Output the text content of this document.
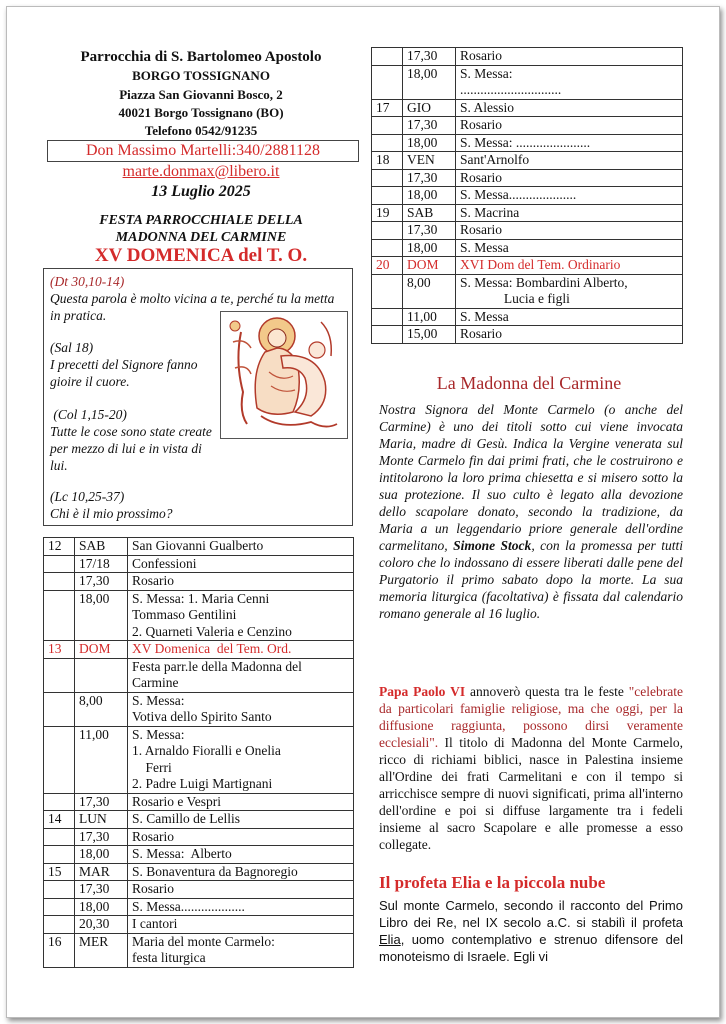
Parrocchia di S. Bartolomeo Apostolo
BORGO TOSSIGNANO
Piazza San Giovanni Bosco, 2
40021 Borgo Tossignano (BO)
Telefono 0542/91235
Don Massimo Martelli:340/2881128
marte.donmax@libero.it
13 Luglio 2025
FESTA PARROCCHIALE DELLA
MADONNA DEL CARMINE
XV DOMENICA del T. O.
(Dt 30,10-14)
Questa parola è molto vicina a te, perché tu la metta in pratica.
(Sal 18)
I precetti del Signore fanno gioire il cuore.
(Col 1,15-20)
Tutte le cose sono state create per mezzo di lui e in vista di lui.
(Lc 10,25-37)
Chi è il mio prossimo?
12	SAB	San Giovanni Gualberto
	17/18	Confessioni
	17,30	Rosario
	18,00	S. Messa: 1. Maria Cenni
Tommaso Gentilini
2. Quarneti Valeria e Cenzino
13	DOM	XV Domenica  del Tem. Ord.
		Festa parr.le della Madonna del Carmine
	8,00	S. Messa:
Votiva dello Spirito Santo
	11,00	S. Messa:
1. Arnaldo Fioralli e Onelia
Ferri
2. Padre Luigi Martignani
	17,30	Rosario e Vespri
14	LUN	S. Camillo de Lellis
	17,30	Rosario
	18,00	S. Messa:  Alberto
15	MAR	S. Bonaventura da Bagnoregio
	17,30	Rosario
	18,00	S. Messa...................
	20,30	I cantori
16	MER	Maria del monte Carmelo:
festa liturgica
	17,30	Rosario
	18,00	S. Messa:
..............................
17	GIO	S. Alessio
	17,30	Rosario
	18,00	S. Messa: ......................
18	VEN	Sant'Arnolfo
	17,30	Rosario
	18,00	S. Messa....................
19	SAB	S. Macrina
	17,30	Rosario
	18,00	S. Messa

20	DOM	XVI Dom del Tem. Ordinario
	8,00	S. Messa: Bombardini Alberto,
Lucia e figli
	11,00	S. Messa
	15,00	Rosario
La Madonna del Carmine
Nostra Signora del Monte Carmelo (o anche del Carmine) è uno dei titoli sotto cui viene invocata Maria, madre di Gesù. Indica la Vergine venerata sul Monte Carmelo fin dai primi frati, che le costruirono e intitolarono la loro prima chiesetta e si misero sotto la sua protezione. Il suo culto è legato alla devozione dello scapolare donato, secondo la tradizione, da Maria a un leggendario priore generale dell'ordine carmelitano, Simone Stock, con la promessa per tutti coloro che lo indossano di essere liberati dalle pene del Purgatorio il primo sabato dopo la morte. La sua memoria liturgica (facoltativa) è fissata dal calendario romano generale al 16 luglio.
Papa Paolo VI annoverò questa tra le feste "celebrate da particolari famiglie religiose, ma che oggi, per la diffusione raggiunta, possono dirsi veramente ecclesiali". Il titolo di Madonna del Monte Carmelo, ricco di richiami biblici, nasce in Palestina insieme all'Ordine dei frati Carmelitani e con il tempo si arricchisce sempre di nuovi significati, prima all'interno dell'ordine e poi si diffuse largamente tra i fedeli insieme al sacro Scapolare e alle promesse a esso collegate.
Il profeta Elia e la piccola nube
Sul monte Carmelo, secondo il racconto del Primo Libro dei Re, nel IX secolo a.C. si stabilì il profeta Elia, uomo contemplativo e strenuo difensore del monoteismo di Israele. Egli vi
